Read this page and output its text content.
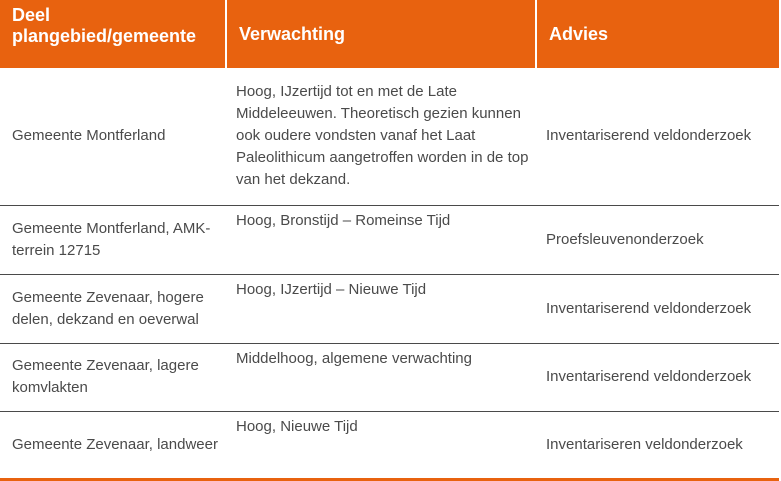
Deel
plangebied/gemeente	Verwachting	Advies
Gemeente Montferland	Hoog, IJzertijd tot en met de Late Middeleeuwen. Theoretisch gezien kunnen ook oudere vondsten vanaf het Laat Paleolithicum aangetroffen worden in de top van het dekzand.	Inventariserend veldonderzoek
Gemeente Montferland, AMK-terrein 12715	Hoog, Bronstijd – Romeinse Tijd	Proefsleuvenonderzoek
Gemeente Zevenaar, hogere delen, dekzand en oeverwal	Hoog, IJzertijd – Nieuwe Tijd	Inventariserend veldonderzoek
Gemeente Zevenaar, lagere komvlakten	Middelhoog, algemene verwachting	Inventariserend veldonderzoek
Gemeente Zevenaar, landweer	Hoog, Nieuwe Tijd	Inventariseren veldonderzoek
